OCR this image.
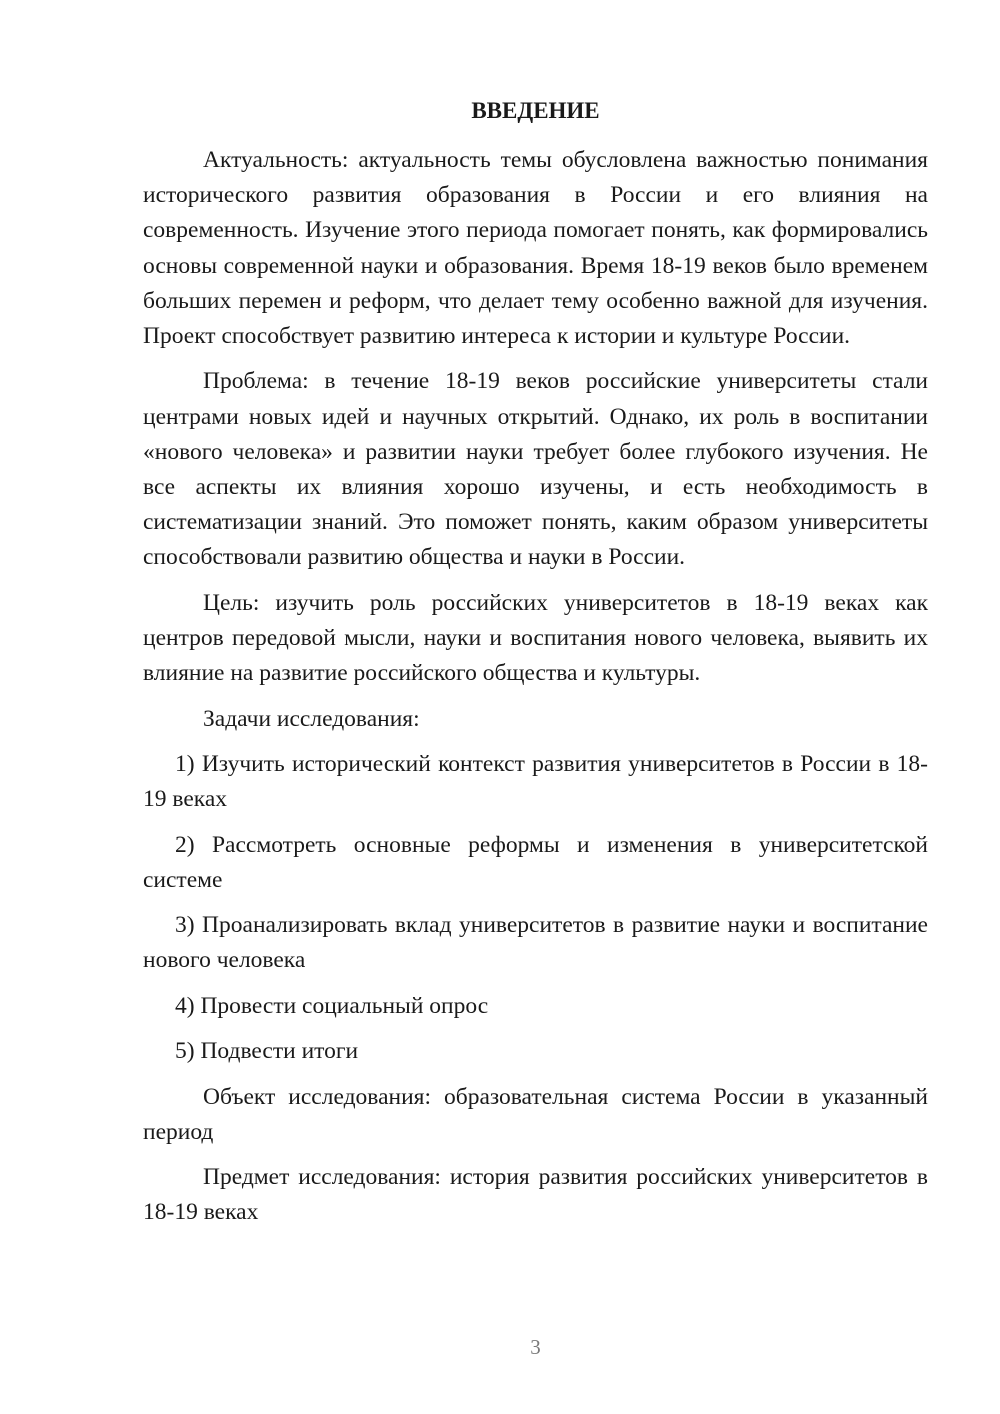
ВВЕДЕНИЕ

Актуальность: актуальность темы обусловлена важностью понимания исторического развития образования в России и его влияния на современность. Изучение этого периода помогает понять, как формировались основы современной науки и образования. Время 18-19 веков было временем больших перемен и реформ, что делает тему особенно важной для изучения. Проект способствует развитию интереса к истории и культуре России.

Проблема: в течение 18-19 веков российские университеты стали центрами новых идей и научных открытий. Однако, их роль в воспитании «нового человека» и развитии науки требует более глубокого изучения. Не все аспекты их влияния хорошо изучены, и есть необходимость в систематизации знаний. Это поможет понять, каким образом университеты способствовали развитию общества и науки в России.

Цель: изучить роль российских университетов в 18-19 веках как центров передовой мысли, науки и воспитания нового человека, выявить их влияние на развитие российского общества и культуры.

Задачи исследования:

1) Изучить исторический контекст развития университетов в России в 18-19 веках

2) Рассмотреть основные реформы и изменения в университетской системе

3) Проанализировать вклад университетов в развитие науки и воспитание нового человека

4) Провести социальный опрос

5) Подвести итоги

Объект исследования: образовательная система России в указанный период

Предмет исследования: история развития российских университетов в 18-19 веках

3
